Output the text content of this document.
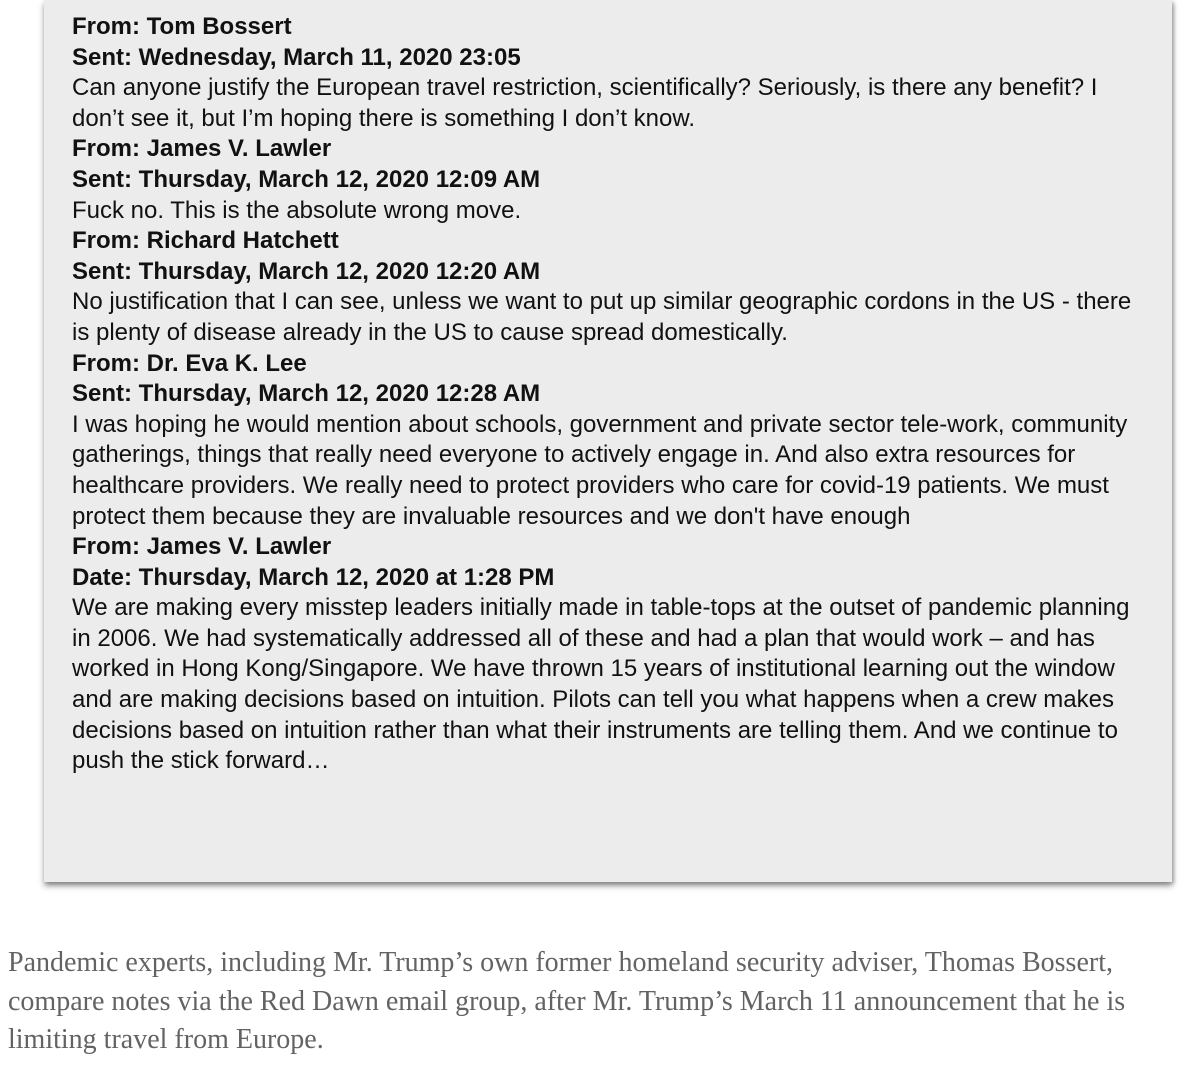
From: Tom Bossert

Sent: Wednesday, March 11, 2020 23:05

Can anyone justify the European travel restriction, scientifically? Seriously, is there any benefit? I don’t see it, but I’m hoping there is something I don’t know.

From: James V. Lawler

Sent: Thursday, March 12, 2020 12:09 AM

Fuck no. This is the absolute wrong move.

From: Richard Hatchett

Sent: Thursday, March 12, 2020 12:20 AM

No justification that I can see, unless we want to put up similar geographic cordons in the US - there is plenty of disease already in the US to cause spread domestically.

From: Dr. Eva K. Lee

Sent: Thursday, March 12, 2020 12:28 AM

I was hoping he would mention about schools, government and private sector tele-work, community gatherings, things that really need everyone to actively engage in. And also extra resources for healthcare providers. We really need to protect providers who care for covid-19 patients. We must protect them because they are invaluable resources and we don't have enough

From: James V. Lawler

Date: Thursday, March 12, 2020 at 1:28 PM

We are making every misstep leaders initially made in table-tops at the outset of pandemic planning in 2006. We had systematically addressed all of these and had a plan that would work – and has worked in Hong Kong/Singapore. We have thrown 15 years of institutional learning out the window and are making decisions based on intuition. Pilots can tell you what happens when a crew makes decisions based on intuition rather than what their instruments are telling them. And we continue to push the stick forward…

Pandemic experts, including Mr. Trump’s own former homeland security adviser, Thomas Bossert, compare notes via the Red Dawn email group, after Mr. Trump’s March 11 announcement that he is limiting travel from Europe.
